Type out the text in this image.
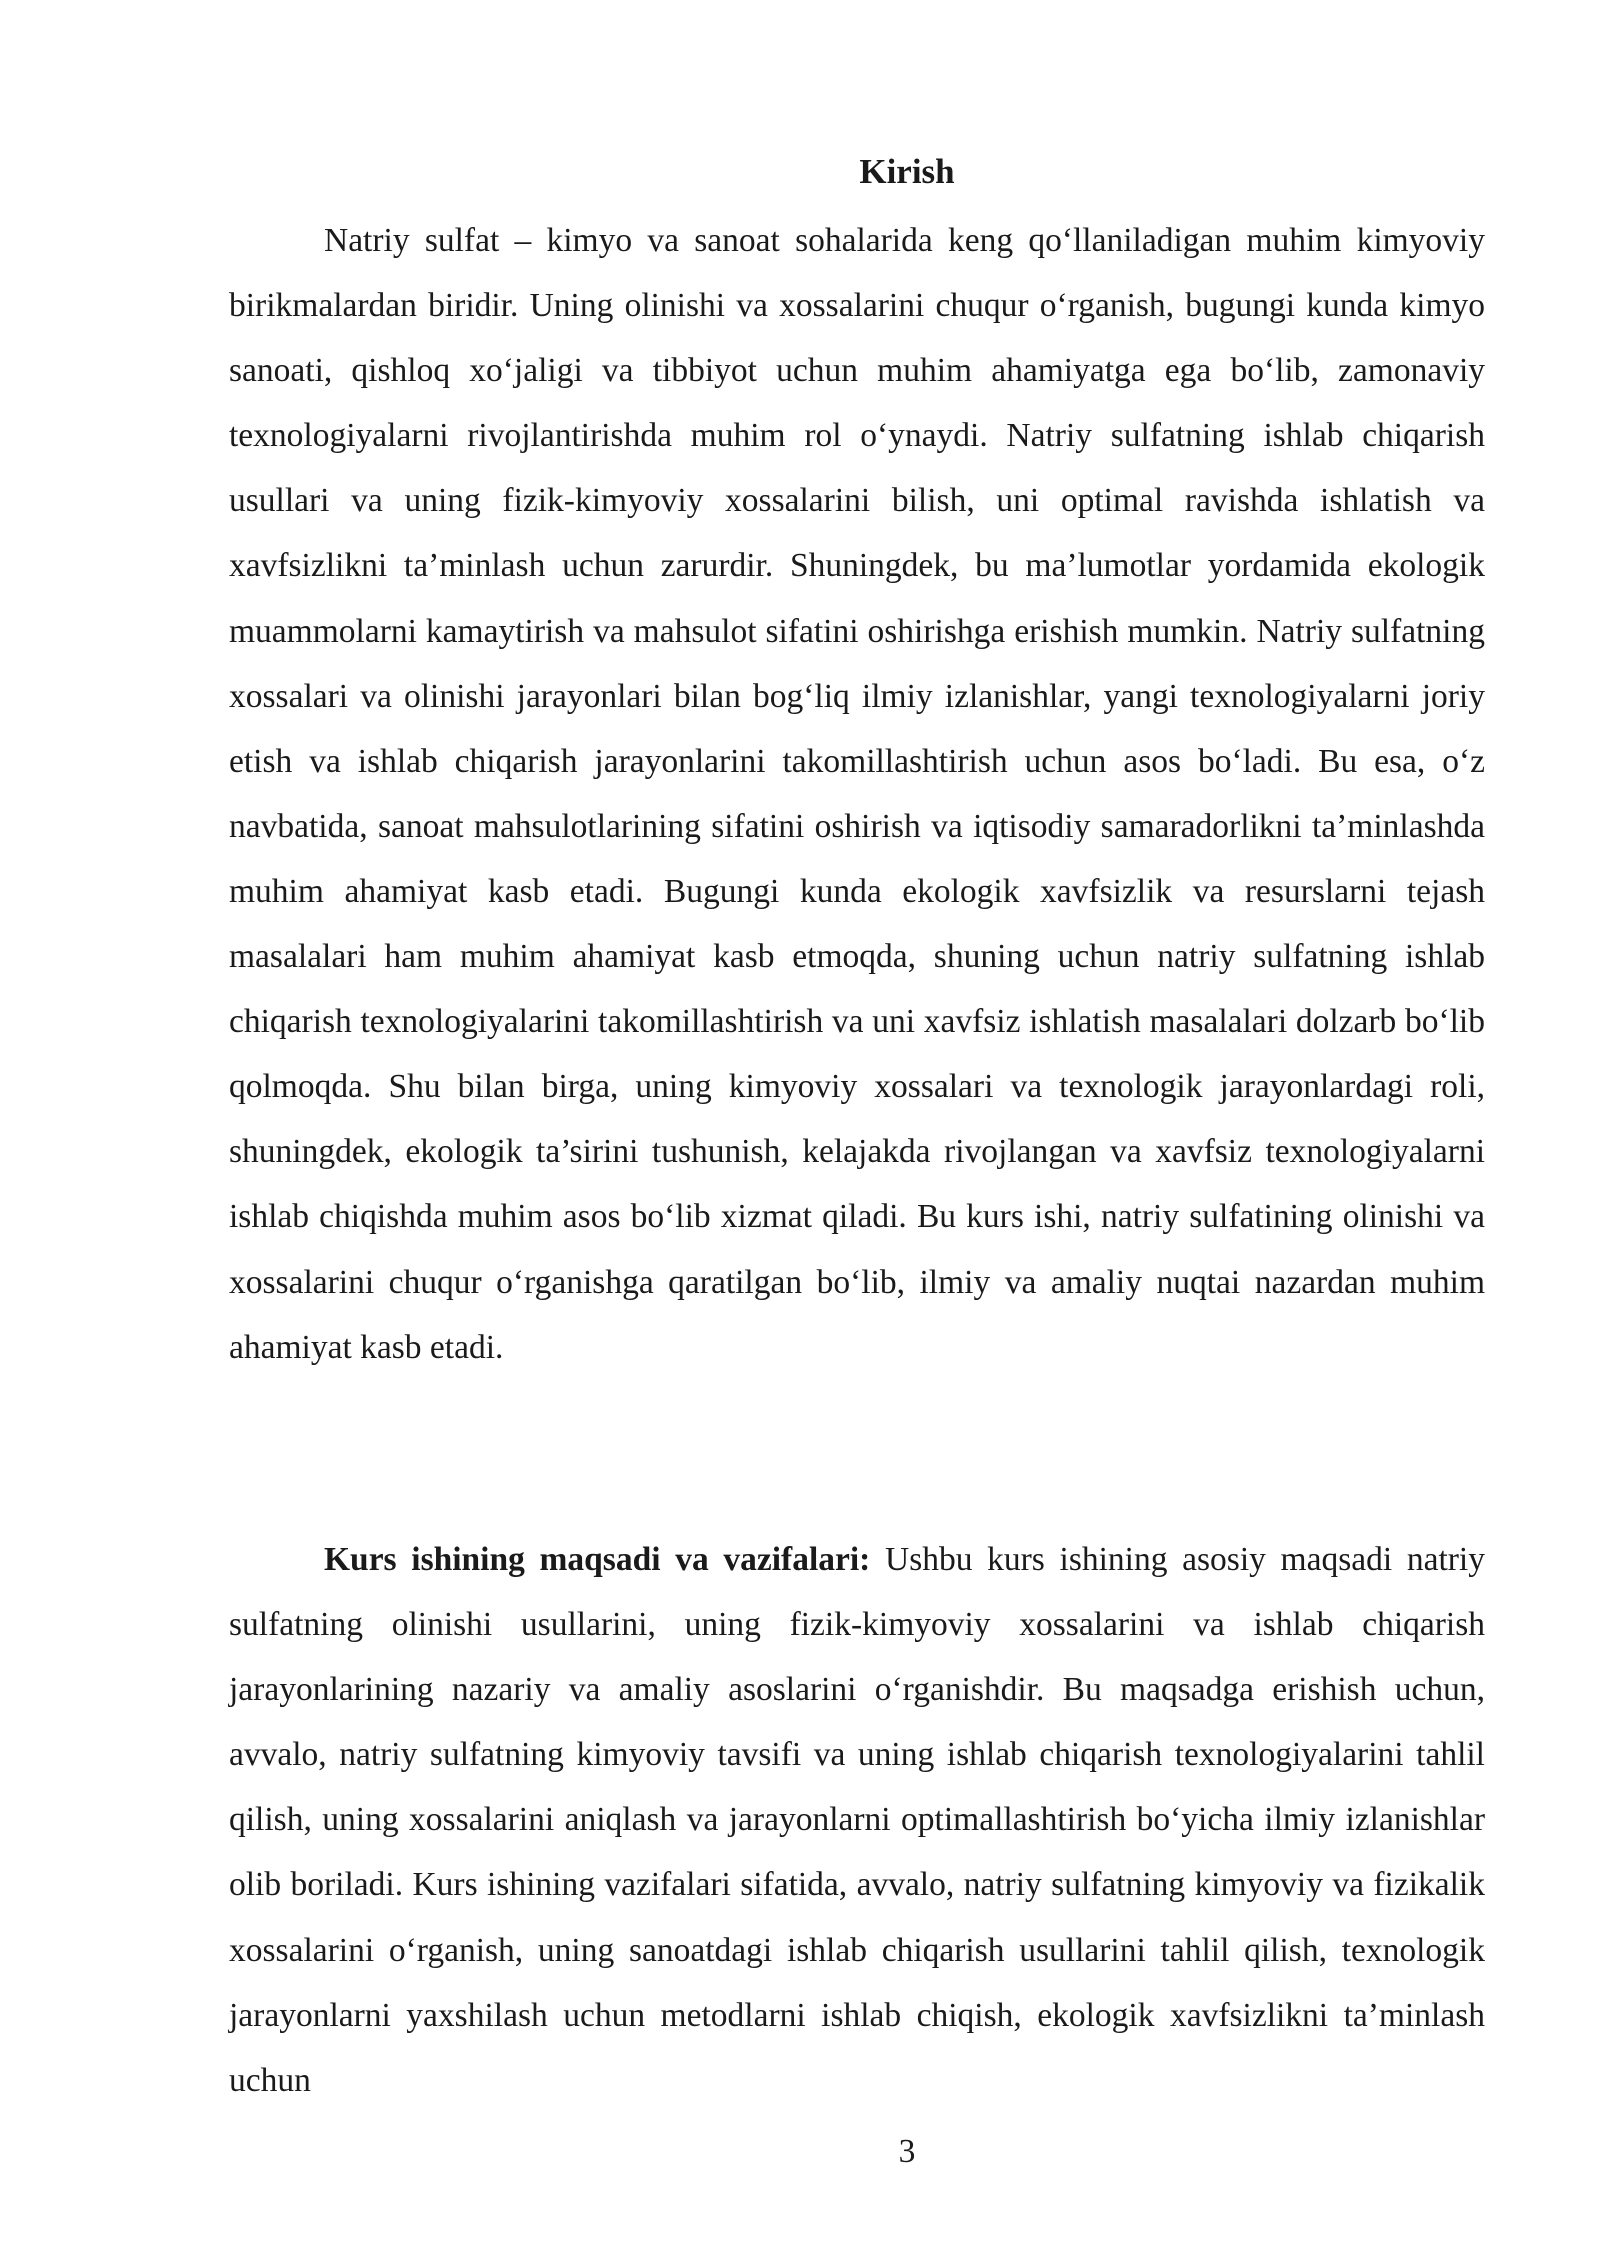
Kirish

Natriy sulfat – kimyo va sanoat sohalarida keng qo‘llaniladigan muhim kimyoviy birikmalardan biridir. Uning olinishi va xossalarini chuqur o‘rganish, bugungi kunda kimyo sanoati, qishloq xo‘jaligi va tibbiyot uchun muhim ahamiyatga ega bo‘lib, zamonaviy texnologiyalarni rivojlantirishda muhim rol o‘ynaydi. Natriy sulfatning ishlab chiqarish usullari va uning fizik-kimyoviy xossalarini bilish, uni optimal ravishda ishlatish va xavfsizlikni ta’minlash uchun zarurdir. Shuningdek, bu ma’lumotlar yordamida ekologik muammolarni kamaytirish va mahsulot sifatini oshirishga erishish mumkin. Natriy sulfatning xossalari va olinishi jarayonlari bilan bog‘liq ilmiy izlanishlar, yangi texnologiyalarni joriy etish va ishlab chiqarish jarayonlarini takomillashtirish uchun asos bo‘ladi. Bu esa, o‘z navbatida, sanoat mahsulotlarining sifatini oshirish va iqtisodiy samaradorlikni ta’minlashda muhim ahamiyat kasb etadi. Bugungi kunda ekologik xavfsizlik va resurslarni tejash masalalari ham muhim ahamiyat kasb etmoqda, shuning uchun natriy sulfatning ishlab chiqarish texnologiyalarini takomillashtirish va uni xavfsiz ishlatish masalalari dolzarb bo‘lib qolmoqda. Shu bilan birga, uning kimyoviy xossalari va texnologik jarayonlardagi roli, shuningdek, ekologik ta’sirini tushunish, kelajakda rivojlangan va xavfsiz texnologiyalarni ishlab chiqishda muhim asos bo‘lib xizmat qiladi. Bu kurs ishi, natriy sulfatining olinishi va xossalarini chuqur o‘rganishga qaratilgan bo‘lib, ilmiy va amaliy nuqtai nazardan muhim ahamiyat kasb etadi.

Kurs ishining maqsadi va vazifalari: Ushbu kurs ishining asosiy maqsadi natriy sulfatning olinishi usullarini, uning fizik-kimyoviy xossalarini va ishlab chiqarish jarayonlarining nazariy va amaliy asoslarini o‘rganishdir. Bu maqsadga erishish uchun, avvalo, natriy sulfatning kimyoviy tavsifi va uning ishlab chiqarish texnologiyalarini tahlil qilish, uning xossalarini aniqlash va jarayonlarni optimallashtirish bo‘yicha ilmiy izlanishlar olib boriladi. Kurs ishining vazifalari sifatida, avvalo, natriy sulfatning kimyoviy va fizikalik xossalarini o‘rganish, uning sanoatdagi ishlab chiqarish usullarini tahlil qilish, texnologik jarayonlarni yaxshilash uchun metodlarni ishlab chiqish, ekologik xavfsizlikni ta’minlash uchun

3
